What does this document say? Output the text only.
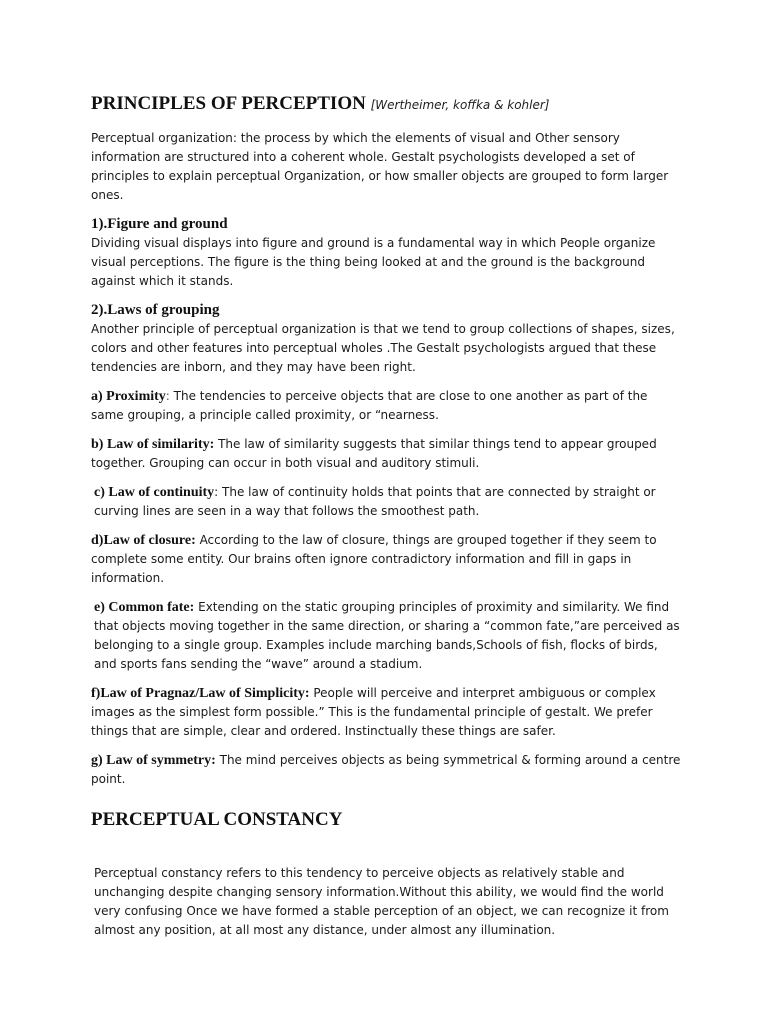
PRINCIPLES OF PERCEPTION [Wertheimer, koffka & kohler]

Perceptual organization: the process by which the elements of visual and Other sensory information are structured into a coherent whole. Gestalt psychologists developed a set of principles to explain perceptual Organization, or how smaller objects are grouped to form larger ones.

1).Figure and ground

Dividing visual displays into figure and ground is a fundamental way in which People organize visual perceptions. The figure is the thing being looked at and the ground is the background against which it stands.

2).Laws of grouping

Another principle of perceptual organization is that we tend to group collections of shapes, sizes, colors and other features into perceptual wholes .The Gestalt psychologists argued that these tendencies are inborn, and they may have been right.

a) Proximity: The tendencies to perceive objects that are close to one another as part of the same grouping, a principle called proximity, or “nearness.

b) Law of similarity: The law of similarity suggests that similar things tend to appear grouped together. Grouping can occur in both visual and auditory stimuli.

c) Law of continuity: The law of continuity holds that points that are connected by straight or curving lines are seen in a way that follows the smoothest path.

d)Law of closure: According to the law of closure, things are grouped together if they seem to complete some entity. Our brains often ignore contradictory information and fill in gaps in information.

e) Common fate: Extending on the static grouping principles of proximity and similarity. We find that objects moving together in the same direction, or sharing a “common fate,”are perceived as belonging to a single group. Examples include marching bands,Schools of fish, flocks of birds, and sports fans sending the “wave” around a stadium.

f)Law of Pragnaz/Law of Simplicity: People will perceive and interpret ambiguous or complex images as the simplest form possible.” This is the fundamental principle of gestalt. We prefer things that are simple, clear and ordered. Instinctually these things are safer.

g) Law of symmetry: The mind perceives objects as being symmetrical & forming around a centre point.

PERCEPTUAL CONSTANCY

Perceptual constancy refers to this tendency to perceive objects as relatively stable and unchanging despite changing sensory information.Without this ability, we would find the world very confusing Once we have formed a stable perception of an object, we can recognize it from almost any position, at all most any distance, under almost any illumination.
